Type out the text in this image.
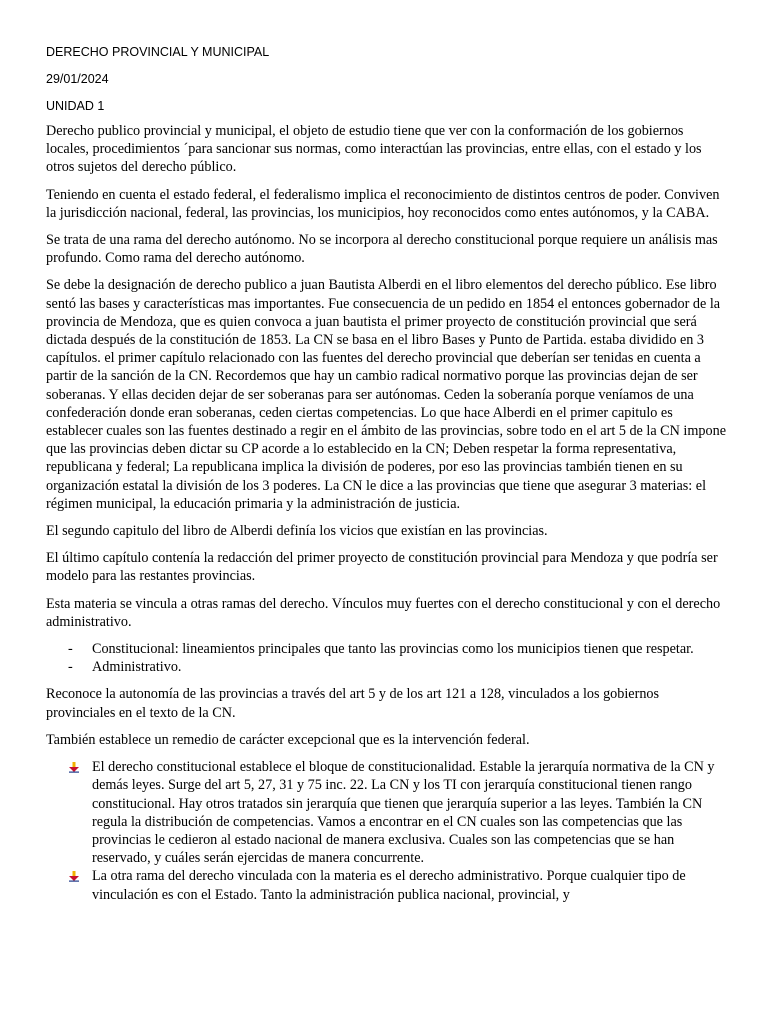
DERECHO PROVINCIAL Y MUNICIPAL
29/01/2024
UNIDAD 1

Derecho publico provincial y municipal, el objeto de estudio tiene que ver con la conformación de los gobiernos locales, procedimientos ´para sancionar sus normas, como interactúan las provincias, entre ellas, con el estado y los otros sujetos del derecho público.

Teniendo en cuenta el estado federal, el federalismo implica el reconocimiento de distintos centros de poder. Conviven la jurisdicción nacional, federal, las provincias, los municipios, hoy reconocidos como entes autónomos, y la CABA.

Se trata de una rama del derecho autónomo. No se incorpora al derecho constitucional porque requiere un análisis mas profundo. Como rama del derecho autónomo.

Se debe la designación de derecho publico a juan Bautista Alberdi en el libro elementos del derecho público. Ese libro sentó las bases y características mas importantes. Fue consecuencia de un pedido en 1854 el entonces gobernador de la provincia de Mendoza, que es quien convoca a juan bautista el primer proyecto de constitución provincial que será dictada después de la constitución de 1853. La CN se basa en el libro Bases y Punto de Partida. estaba dividido en 3 capítulos. el primer capítulo relacionado con las fuentes del derecho provincial que deberían ser tenidas en cuenta a partir de la sanción de la CN. Recordemos que hay un cambio radical normativo porque las provincias dejan de ser soberanas. Y ellas deciden dejar de ser soberanas para ser autónomas. Ceden la soberanía porque veníamos de una confederación donde eran soberanas, ceden ciertas competencias. Lo que hace Alberdi en el primer capitulo es establecer cuales son las fuentes destinado a regir en el ámbito de las provincias, sobre todo en el art 5 de la CN impone que las provincias deben dictar su CP acorde a lo establecido en la CN; Deben respetar la forma representativa, republicana y federal; La republicana implica la división de poderes, por eso las provincias también tienen en su organización estatal la división de los 3 poderes. La CN le dice a las provincias que tiene que asegurar 3 materias: el régimen municipal, la educación primaria y la administración de justicia.

El segundo capitulo del libro de Alberdi definía los vicios que existían en las provincias.

El último capítulo contenía la redacción del primer proyecto de constitución provincial para Mendoza y que podría ser modelo para las restantes provincias.

Esta materia se vincula a otras ramas del derecho. Vínculos muy fuertes con el derecho constitucional y con el derecho administrativo.

- Constitucional: lineamientos principales que tanto las provincias como los municipios tienen que respetar.
- Administrativo.

Reconoce la autonomía de las provincias a través del art 5 y de los art 121 a 128, vinculados a los gobiernos provinciales en el texto de la CN.

También establece un remedio de carácter excepcional que es la intervención federal.

El derecho constitucional establece el bloque de constitucionalidad. Estable la jerarquía normativa de la CN y demás leyes. Surge del art 5, 27, 31 y 75 inc. 22. La CN y los TI con jerarquía constitucional tienen rango constitucional. Hay otros tratados sin jerarquía que tienen que jerarquía superior a las leyes. También la CN regula la distribución de competencias. Vamos a encontrar en el CN cuales son las competencias que las provincias le cedieron al estado nacional de manera exclusiva. Cuales son las competencias que se han reservado, y cuáles serán ejercidas de manera concurrente.
La otra rama del derecho vinculada con la materia es el derecho administrativo. Porque cualquier tipo de vinculación es con el Estado. Tanto la administración publica nacional, provincial, y
